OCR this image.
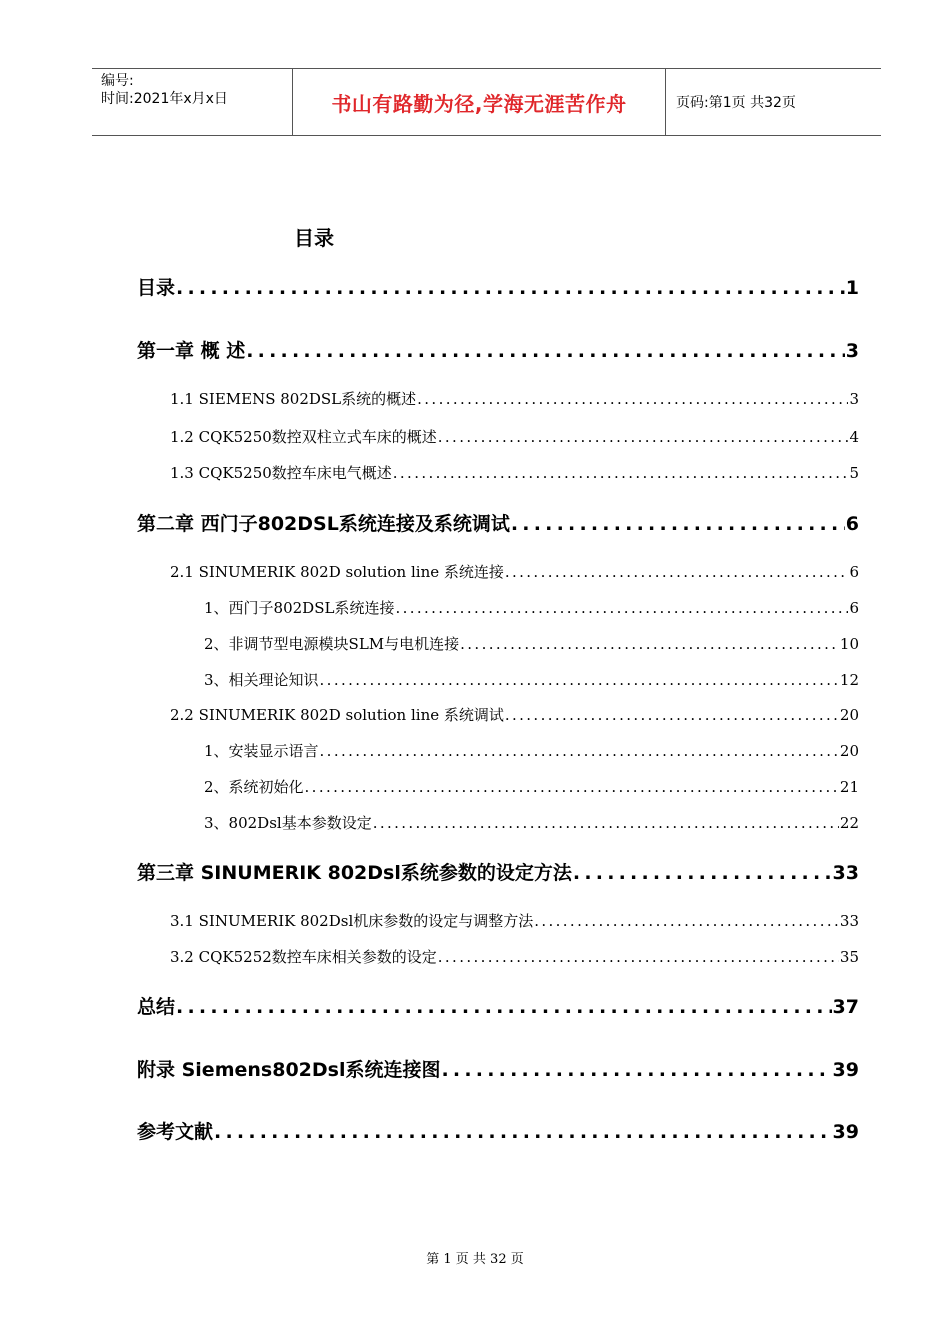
编号:
时间:2021年x月x日	书山有路勤为径,学海无涯苦作舟	页码:第1页 共32页
目录
目录 . . .	1
第一章 概 述 . . .	3
1.1 SIEMENS 802DSL系统的概述 . . .	3
1.2 CQK5250数控双柱立式车床的概述 . . .	4
1.3 CQK5250数控车床电气概述 . . .	5
第二章 西门子802DSL系统连接及系统调试 . . .	6
2.1 SINUMERIK 802D solution line 系统连接 . . .	6
1、西门子802DSL系统连接 . . .	6
2、非调节型电源模块SLM与电机连接 . . .	10
3、相关理论知识 . . .	12
2.2 SINUMERIK 802D solution line 系统调试 . . .	20
1、安装显示语言 . . .	20
2、系统初始化 . . .	21
3、802Dsl基本参数设定 . . .	22
第三章 SINUMERIK 802Dsl系统参数的设定方法 . . .	33
3.1 SINUMERIK 802Dsl机床参数的设定与调整方法 . . .	33
3.2 CQK5252数控车床相关参数的设定 . . .	35
总结 . . .	37
附录 Siemens802Dsl系统连接图 . . .	39
参考文献 . . .	39
第 1 页 共 32 页
